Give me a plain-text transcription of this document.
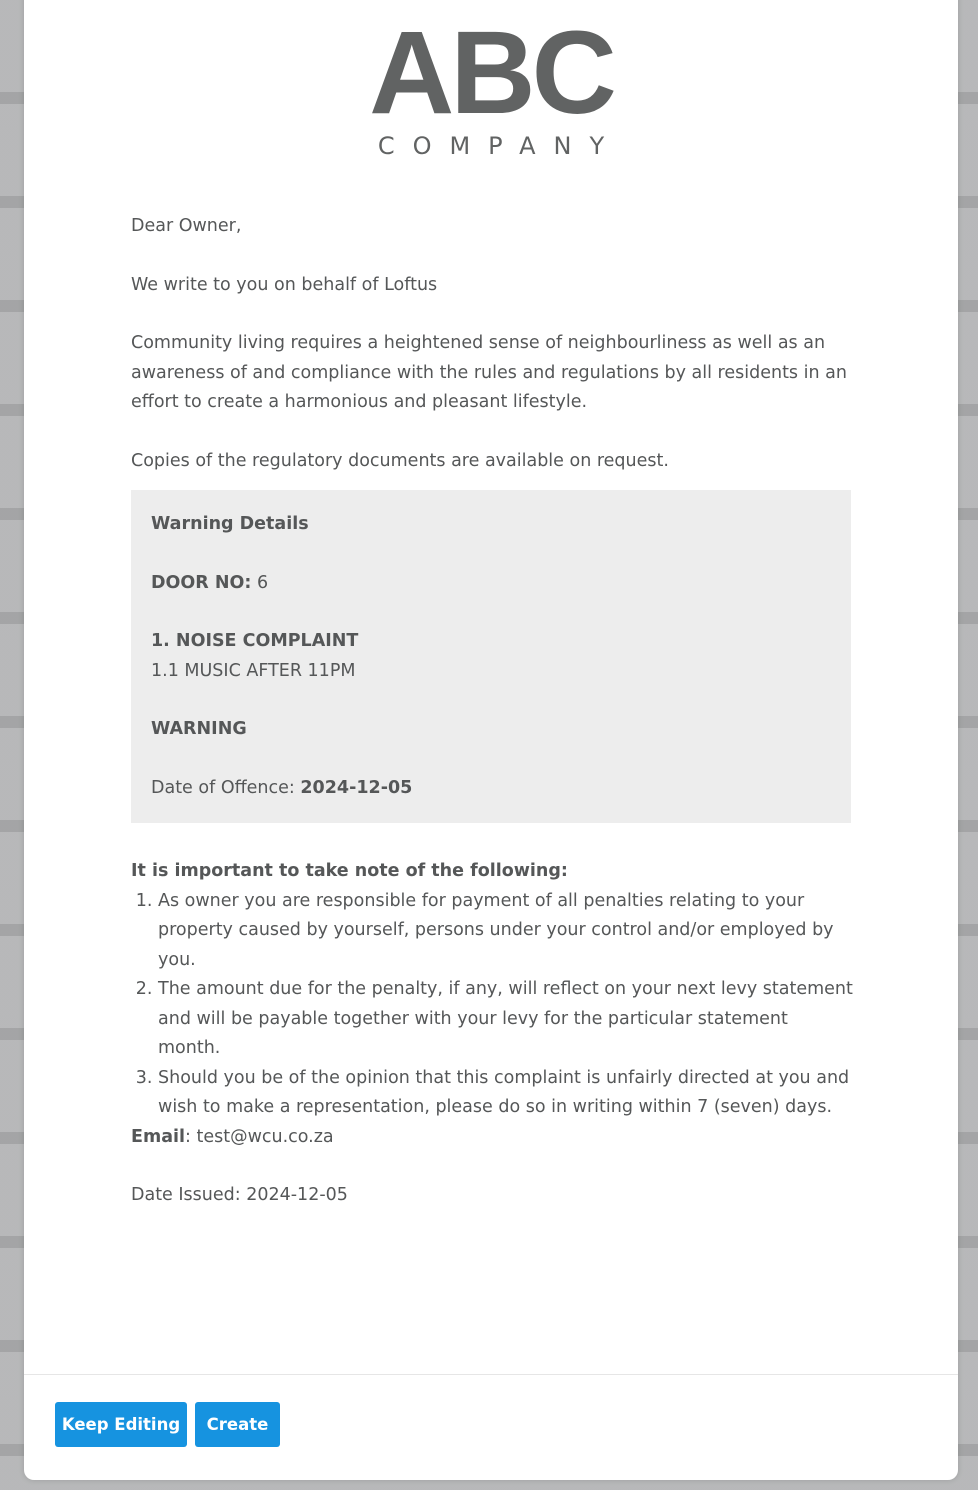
ABC
COMPANY

Dear Owner,

We write to you on behalf of Loftus

Community living requires a heightened sense of neighbourliness as well as an awareness of and compliance with the rules and regulations by all residents in an effort to create a harmonious and pleasant lifestyle.

Copies of the regulatory documents are available on request.

Warning Details

DOOR NO: 6

1. NOISE COMPLAINT

1.1 MUSIC AFTER 11PM

WARNING

Date of Offence: 2024-12-05

It is important to take note of the following:
1. As owner you are responsible for payment of all penalties relating to your property caused by yourself, persons under your control and/or employed by you.
2. The amount due for the penalty, if any, will reflect on your next levy statement and will be payable together with your levy for the particular statement month.
3. Should you be of the opinion that this complaint is unfairly directed at you and wish to make a representation, please do so in writing within 7 (seven) days.

Email: test@wcu.co.za

Date Issued: 2024-12-05

Keep Editing	Create
